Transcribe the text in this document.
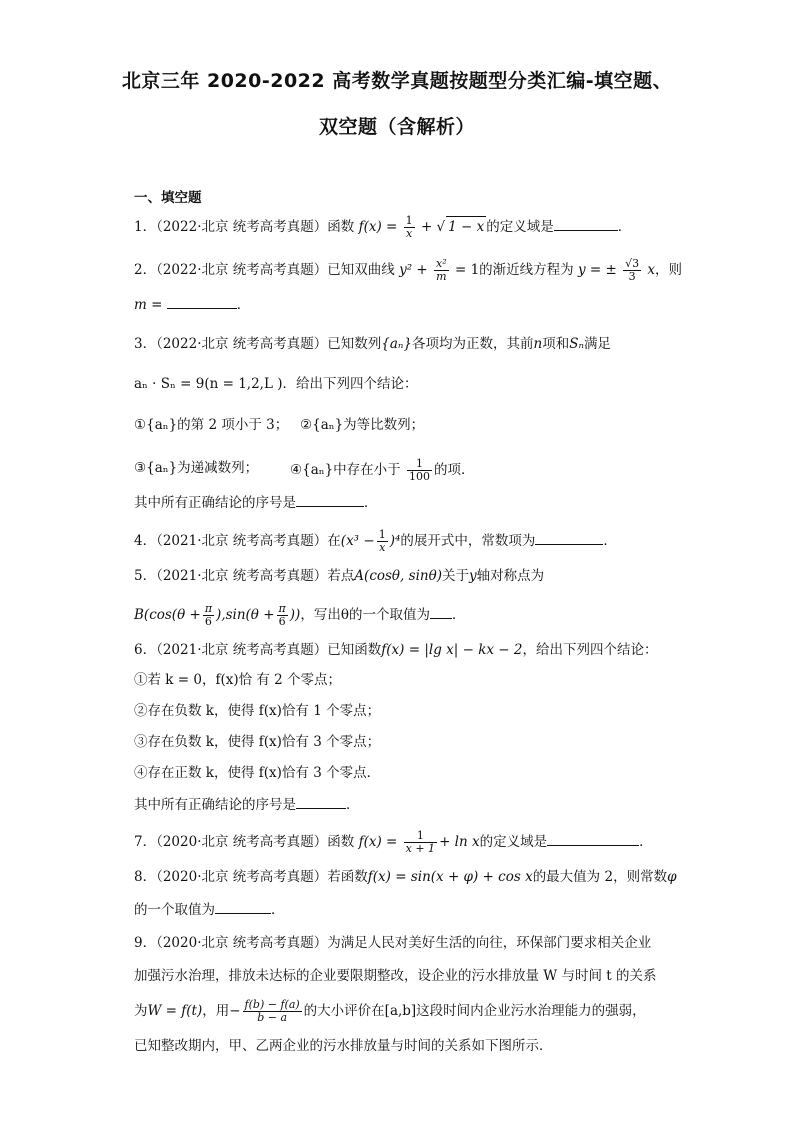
北京三年 2020-2022 高考数学真题按题型分类汇编-填空题、
双空题（含解析）
一、填空题
1．（2022·北京 统考高考真题）函数 $f(x) = \frac{1}{x}$ + √ 1 − x 的定义域是	．
2．（2022·北京 统考高考真题）已知双曲线 $y^2 + \frac{\text{x²}}{m} = 1$的渐近线方程为 y = ± $\frac{√3}{3}$ x，则
m =	．
3．（2022·北京 统考高考真题）已知数列{aₙ}各项均为正数，其前n项和Sₙ满足
aₙ · Sₙ = 9(n = 1,2,L )．给出下列四个结论：
①{aₙ}的第 2 项小于 3； ②{aₙ}为等比数列；
③{aₙ}为递减数列； ④{aₙ}中存在小于 $\frac{1}{100}$ 的项．
其中所有正确结论的序号是	．
4．（2021·北京 统考高考真题）在$(x^3 - \frac{1}{x} )^4$的展开式中，常数项为	．
5．（2021·北京 统考高考真题）若点A(cosθ, sinθ)关于y轴对称点为
$B(\cos(\theta + \frac{\pi}{6} ),\sin(\theta + \frac{\pi}{6}$ ))，写出θ的一个取值为 ．
6．（2021·北京 统考高考真题）已知函数f(x) = |lg x| − kx − 2，给出下列四个结论：
①若 k = 0，f(x)恰 有 2 个零点；
②存在负数 k，使得 f(x)恰有 1 个零点；
③存在负数 k，使得 f(x)恰有 3 个零点；
④存在正数 k，使得 f(x)恰有 3 个零点．
其中所有正确结论的序号是	．
7．（2020·北京 统考高考真题）函数 $f(x) = \frac{1}{x + 1} + \ln x$的定义域是	．
8．（2020·北京 统考高考真题）若函数f(x) = sin(x + φ) + cos x的最大值为 2，则常数φ
的一个取值为	．
9．（2020·北京 统考高考真题）为满足人民对美好生活的向往，环保部门要求相关企业
加强污水治理，排放未达标的企业要限期整改，设企业的污水排放量 W 与时间 t 的关系
为W = f(t)，用− $\frac{f(b) - f(a)}{b - a}$ 的大小评价在[a,b]这段时间内企业污水治理能力的强弱，
已知整改期内，甲、乙两企业的污水排放量与时间的关系如下图所示．
